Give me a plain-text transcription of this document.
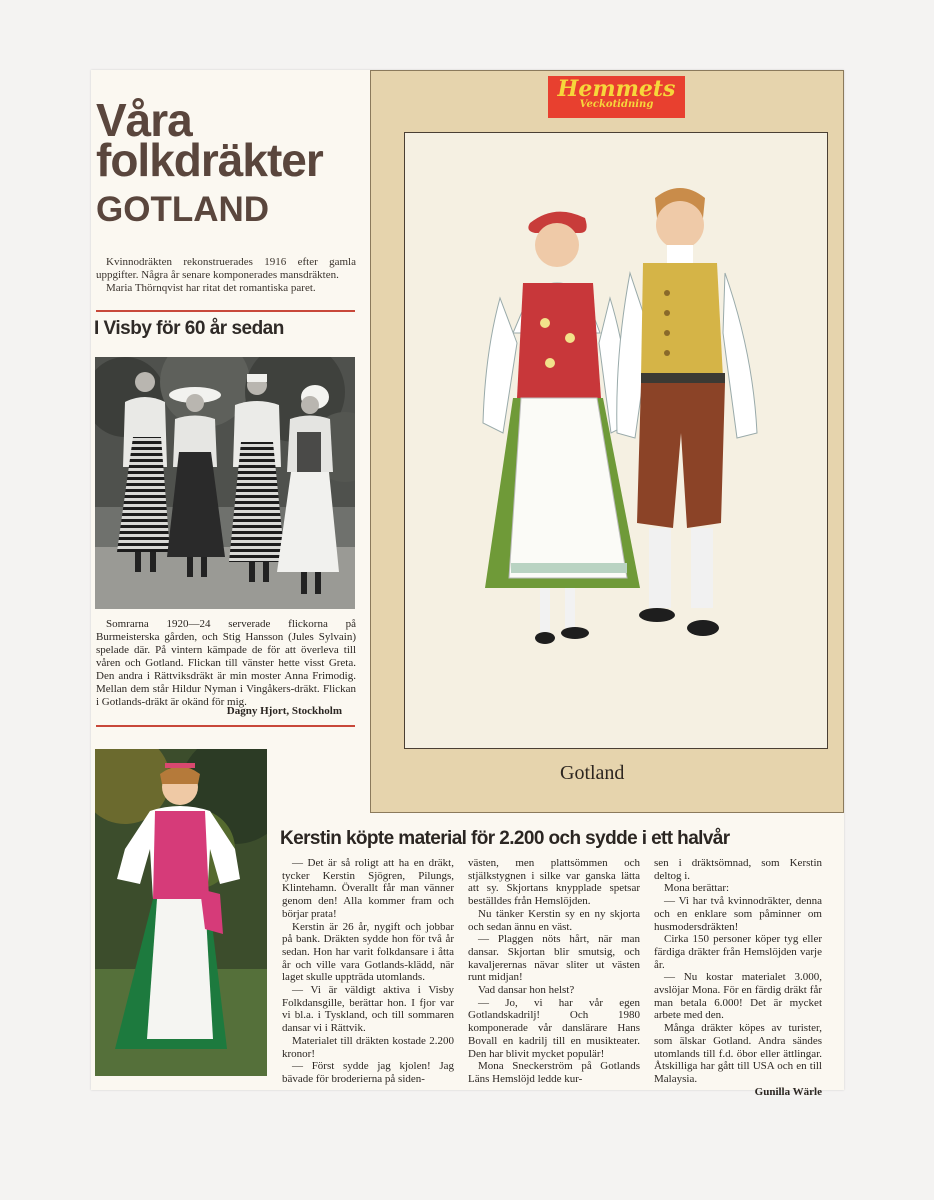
Våra
folkdräkter
GOTLAND

Kvinnodräkten rekonstruerades 1916 efter gamla uppgifter. Några år senare komponerades mansdräkten.

Maria Thörnqvist har ritat det romantiska paret.

I Visby för 60 år sedan

Somrarna 1920—24 serverade flickorna på Burmeisterska gården, och Stig Hansson (Jules Sylvain) spelade där. På vintern kämpade de för att överleva till våren och Gotland. Flickan till vänster hette visst Greta. Den andra i Rättviksdräkt är min moster Anna Frimodig. Mellan dem står Hildur Nyman i Vingåkers-dräkt. Flickan i Gotlands-dräkt är okänd för mig.

Dagny Hjort, Stockholm
Hemmets
Veckotidning
Gotland
Kerstin köpte material för 2.200 och sydde i ett halvår

— Det är så roligt att ha en dräkt, tycker Kerstin Sjögren, Pilungs, Klintehamn. Överallt får man vänner genom den! Alla kommer fram och börjar prata!

Kerstin är 26 år, nygift och jobbar på bank. Dräkten sydde hon för två år sedan. Hon har varit folkdansare i åtta år och ville vara Gotlands-klädd, när laget skulle uppträda utomlands.

— Vi är väldigt aktiva i Visby Folkdansgille, berättar hon. I fjor var vi bl.a. i Tyskland, och till sommaren dansar vi i Rättvik.

Materialet till dräkten kostade 2.200 kronor!

— Först sydde jag kjolen! Jag bävade för broderierna på siden-

västen, men plattsömmen och stjälkstygnen i silke var ganska lätta att sy. Skjortans knypplade spetsar beställdes från Hemslöjden.

Nu tänker Kerstin sy en ny skjorta och sedan ännu en väst.

— Plaggen nöts hårt, när man dansar. Skjortan blir smutsig, och kavaljerernas nävar sliter ut västen runt midjan!

Vad dansar hon helst?

— Jo, vi har vår egen Gotlandskadrilj! Och 1980 komponerade vår danslärare Hans Bovall en kadrilj till en musikteater. Den har blivit mycket populär!

Mona Sneckerström på Gotlands Läns Hemslöjd ledde kur-

sen i dräktsömnad, som Kerstin deltog i.

Mona berättar:

— Vi har två kvinnodräkter, denna och en enklare som påminner om husmodersdräkten!

Cirka 150 personer köper tyg eller färdiga dräkter från Hemslöjden varje år.

— Nu kostar materialet 3.000, avslöjar Mona. För en färdig dräkt får man betala 6.000! Det är mycket arbete med den.

Många dräkter köpes av turister, som älskar Gotland. Andra sändes utomlands till f.d. öbor eller ättlingar. Åtskilliga har gått till USA och en till Malaysia.

Gunilla Wärle
